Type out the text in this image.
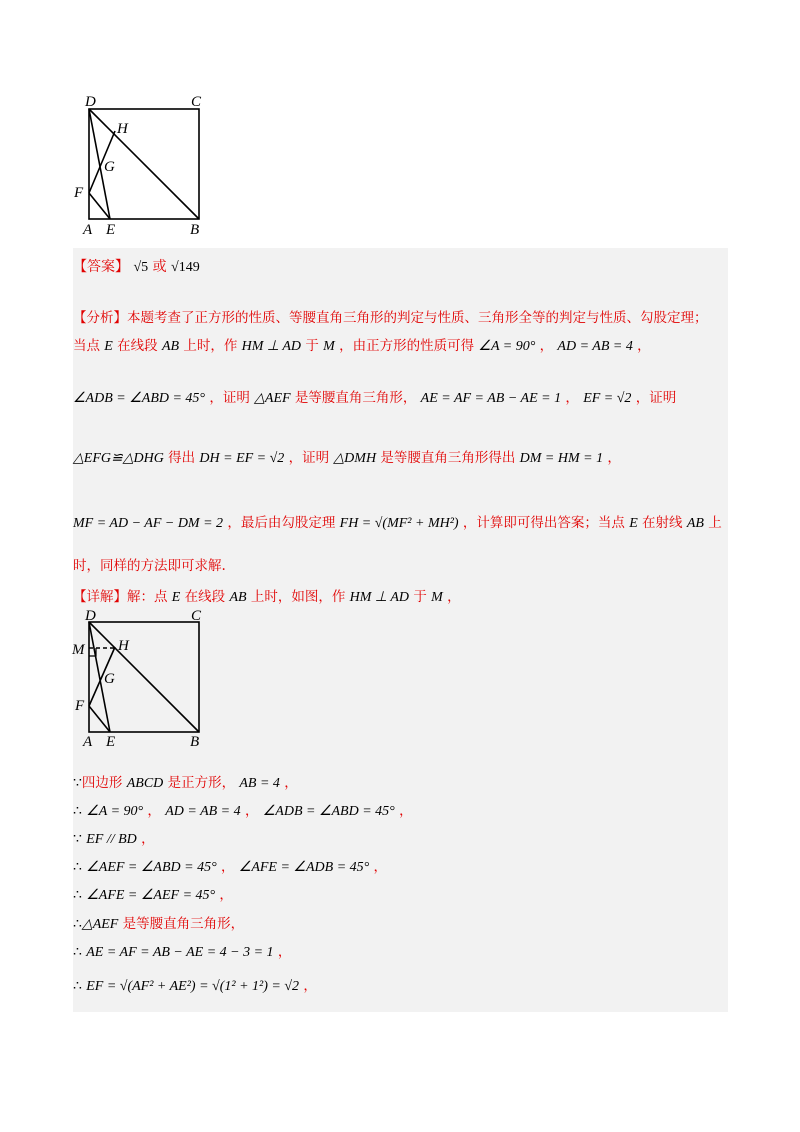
D	C
H
G
F
A E	B
【答案】 √5 或 √149
【分析】本题考查了正方形的性质、等腰直角三角形的判定与性质、三角形全等的判定与性质、勾股定理；
当点 E 在线段 AB 上时，作 HM ⊥ AD 于 M ，由正方形的性质可得 ∠A = 90° ， AD = AB = 4 ，
∠ADB = ∠ABD = 45° ，证明 △AEF 是等腰直角三角形， AE = AF = AB − AE = 1 ， EF = √2 ，证明
△EFG≌△DHG 得出 DH = EF = √2 ，证明 △DMH 是等腰直角三角形得出 DM = HM = 1 ，
MF = AD − AF − DM = 2 ，最后由勾股定理 FH = √(MF² + MH²) ，计算即可得出答案；当点 E 在射线 AB 上
时，同样的方法即可求解.
【详解】解：点 E 在线段 AB 上时，如图，作 HM ⊥ AD 于 M ，
D	C
M H
G
F
A E	B
∵四边形 ABCD 是正方形， AB = 4 ，
∴ ∠A = 90° ， AD = AB = 4 ， ∠ADB = ∠ABD = 45° ，
∵ EF // BD ，
∴ ∠AEF = ∠ABD = 45° ， ∠AFE = ∠ADB = 45° ，
∴ ∠AFE = ∠AEF = 45° ，
∴△AEF 是等腰直角三角形，
∴ AE = AF = AB − AE = 4 − 3 = 1 ，
∴ EF = √(AF² + AE²) = √(1² + 1²) = √2 ，
